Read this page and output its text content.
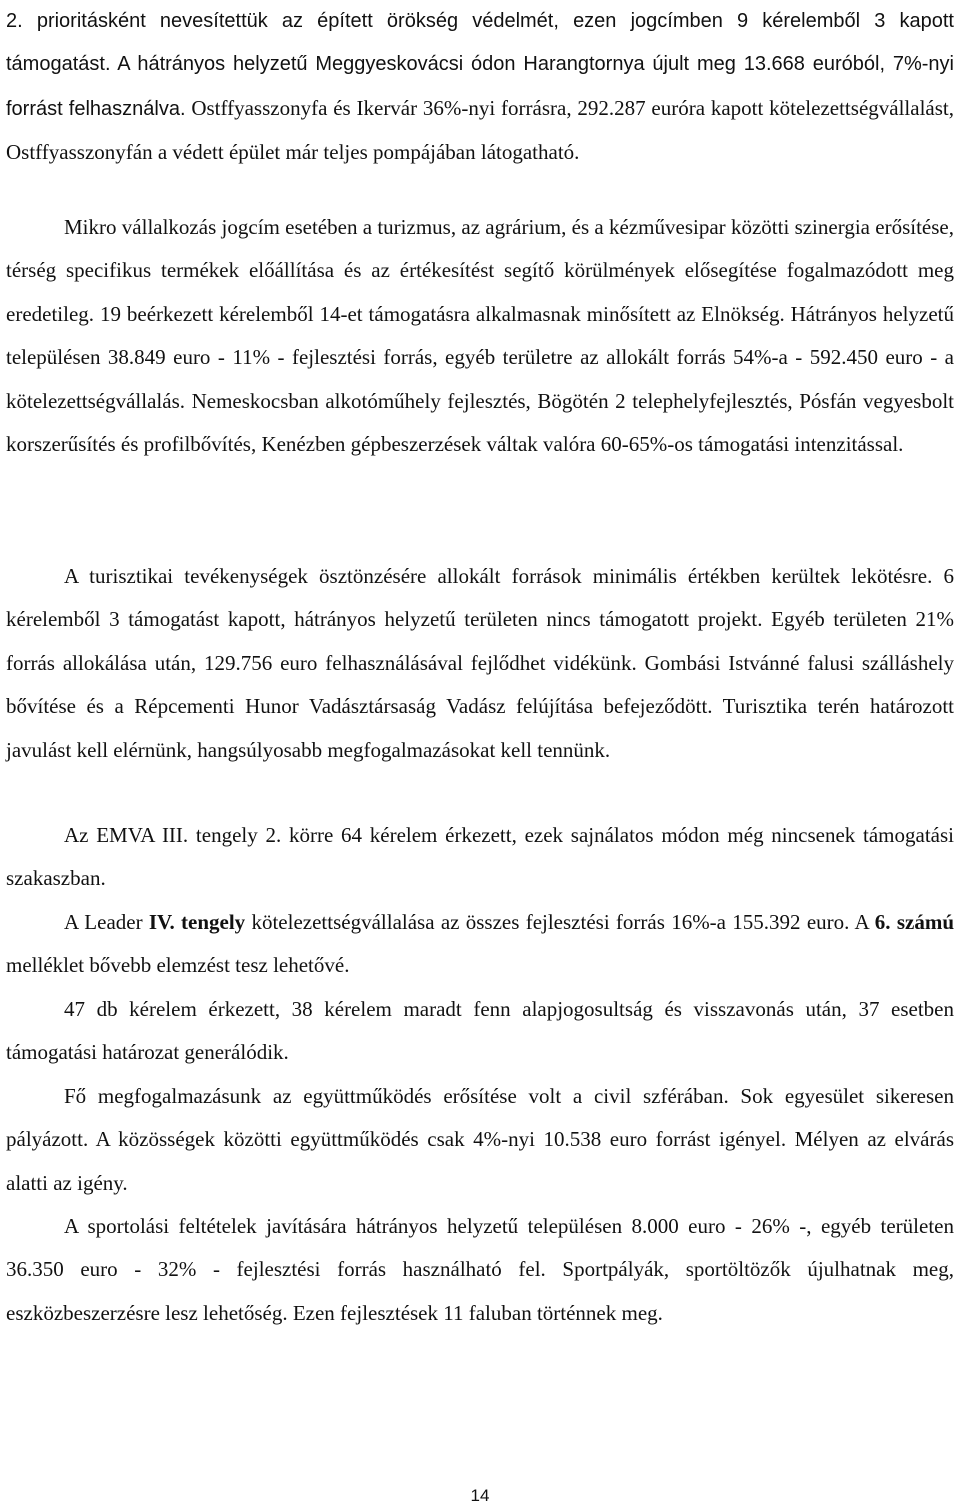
2. prioritásként nevesítettük az épített örökség védelmét, ezen jogcímben 9 kérelemből 3 kapott támogatást. A hátrányos helyzetű Meggyeskovácsi ódon Harangtornya újult meg 13.668 euróból, 7%-nyi forrást felhasználva. Ostffyasszonyfa és Ikervár 36%-nyi forrásra, 292.287 euróra kapott kötelezettségvállalást, Ostffyasszonyfán a védett épület már teljes pompájában látogatható.

Mikro vállalkozás jogcím esetében a turizmus, az agrárium, és a kézművesipar közötti szinergia erősítése, térség specifikus termékek előállítása és az értékesítést segítő körülmények elősegítése fogalmazódott meg eredetileg. 19 beérkezett kérelemből 14-et támogatásra alkalmasnak minősített az Elnökség. Hátrányos helyzetű településen 38.849 euro - 11% - fejlesztési forrás, egyéb területre az allokált forrás 54%-a - 592.450 euro - a kötelezettségvállalás. Nemeskocsban alkotóműhely fejlesztés, Bögötén 2 telephelyfejlesztés, Pósfán vegyesbolt korszerűsítés és profilbővítés, Kenézben gépbeszerzések váltak valóra 60-65%-os támogatási intenzitással.

A turisztikai tevékenységek ösztönzésére allokált források minimális értékben kerültek lekötésre. 6 kérelemből 3 támogatást kapott, hátrányos helyzetű területen nincs támogatott projekt. Egyéb területen 21% forrás allokálása után, 129.756 euro felhasználásával fejlődhet vidékünk. Gombási Istvánné falusi szálláshely bővítése és a Répcementi Hunor Vadásztársaság Vadász felújítása befejeződött. Turisztika terén határozott javulást kell elérnünk, hangsúlyosabb megfogalmazásokat kell tennünk.

Az EMVA III. tengely 2. körre 64 kérelem érkezett, ezek sajnálatos módon még nincsenek támogatási szakaszban.

A Leader IV. tengely kötelezettségvállalása az összes fejlesztési forrás 16%-a 155.392 euro. A 6. számú melléklet bővebb elemzést tesz lehetővé.

47 db kérelem érkezett, 38 kérelem maradt fenn alapjogosultság és visszavonás után, 37 esetben támogatási határozat generálódik.

Fő megfogalmazásunk az együttműködés erősítése volt a civil szférában. Sok egyesület sikeresen pályázott. A közösségek közötti együttműködés csak 4%-nyi 10.538 euro forrást igényel. Mélyen az elvárás alatti az igény.

A sportolási feltételek javítására hátrányos helyzetű településen 8.000 euro - 26% -, egyéb területen 36.350 euro - 32% - fejlesztési forrás használható fel. Sportpályák, sportöltözők újulhatnak meg, eszközbeszerzésre lesz lehetőség. Ezen fejlesztések 11 faluban történnek meg.

14
